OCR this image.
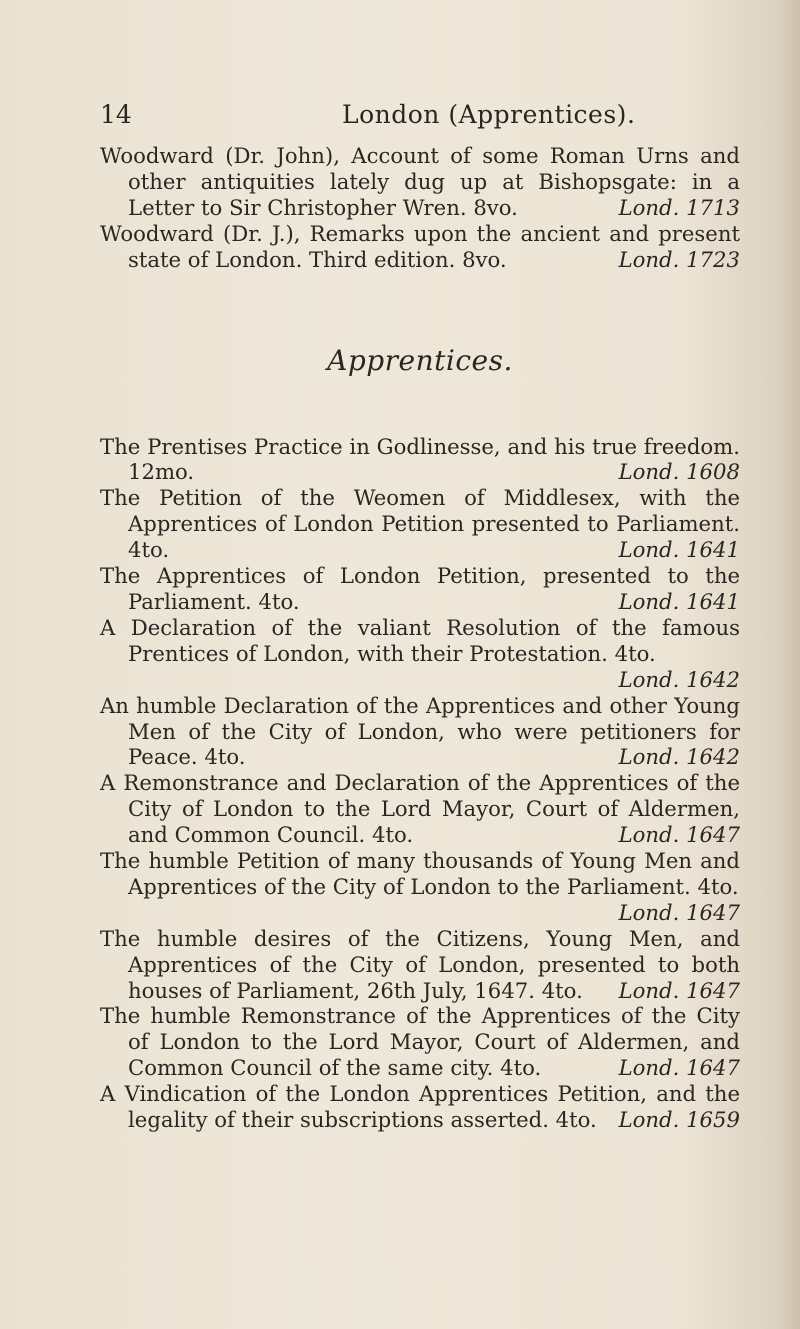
14	London (Apprentices).

Woodward (Dr. John), Account of some Roman Urns and other antiquities lately dug up at Bishopsgate: in a Letter to Sir Christopher Wren. 8vo.	Lond. 1713

Woodward (Dr. J.), Remarks upon the ancient and present state of London. Third edition. 8vo.	Lond. 1723

Apprentices.

The Prentises Practice in Godlinesse, and his true freedom. 12mo.	Lond. 1608

The Petition of the Weomen of Middlesex, with the Apprentices of London Petition presented to Parliament. 4to.	Lond. 1641

The Apprentices of London Petition, presented to the Parliament. 4to.	Lond. 1641

A Declaration of the valiant Resolution of the famous Prentices of London, with their Protestation. 4to.
Lond. 1642

An humble Declaration of the Apprentices and other Young Men of the City of London, who were petitioners for Peace. 4to.	Lond. 1642

A Remonstrance and Declaration of the Apprentices of the City of London to the Lord Mayor, Court of Aldermen, and Common Council. 4to.	Lond. 1647

The humble Petition of many thousands of Young Men and Apprentices of the City of London to the Parliament. 4to.
Lond. 1647

The humble desires of the Citizens, Young Men, and Apprentices of the City of London, presented to both houses of Parliament, 26th July, 1647. 4to. Lond. 1647

The humble Remonstrance of the Apprentices of the City of London to the Lord Mayor, Court of Aldermen, and Common Council of the same city. 4to.	Lond. 1647

A Vindication of the London Apprentices Petition, and the legality of their subscriptions asserted. 4to. Lond. 1659
